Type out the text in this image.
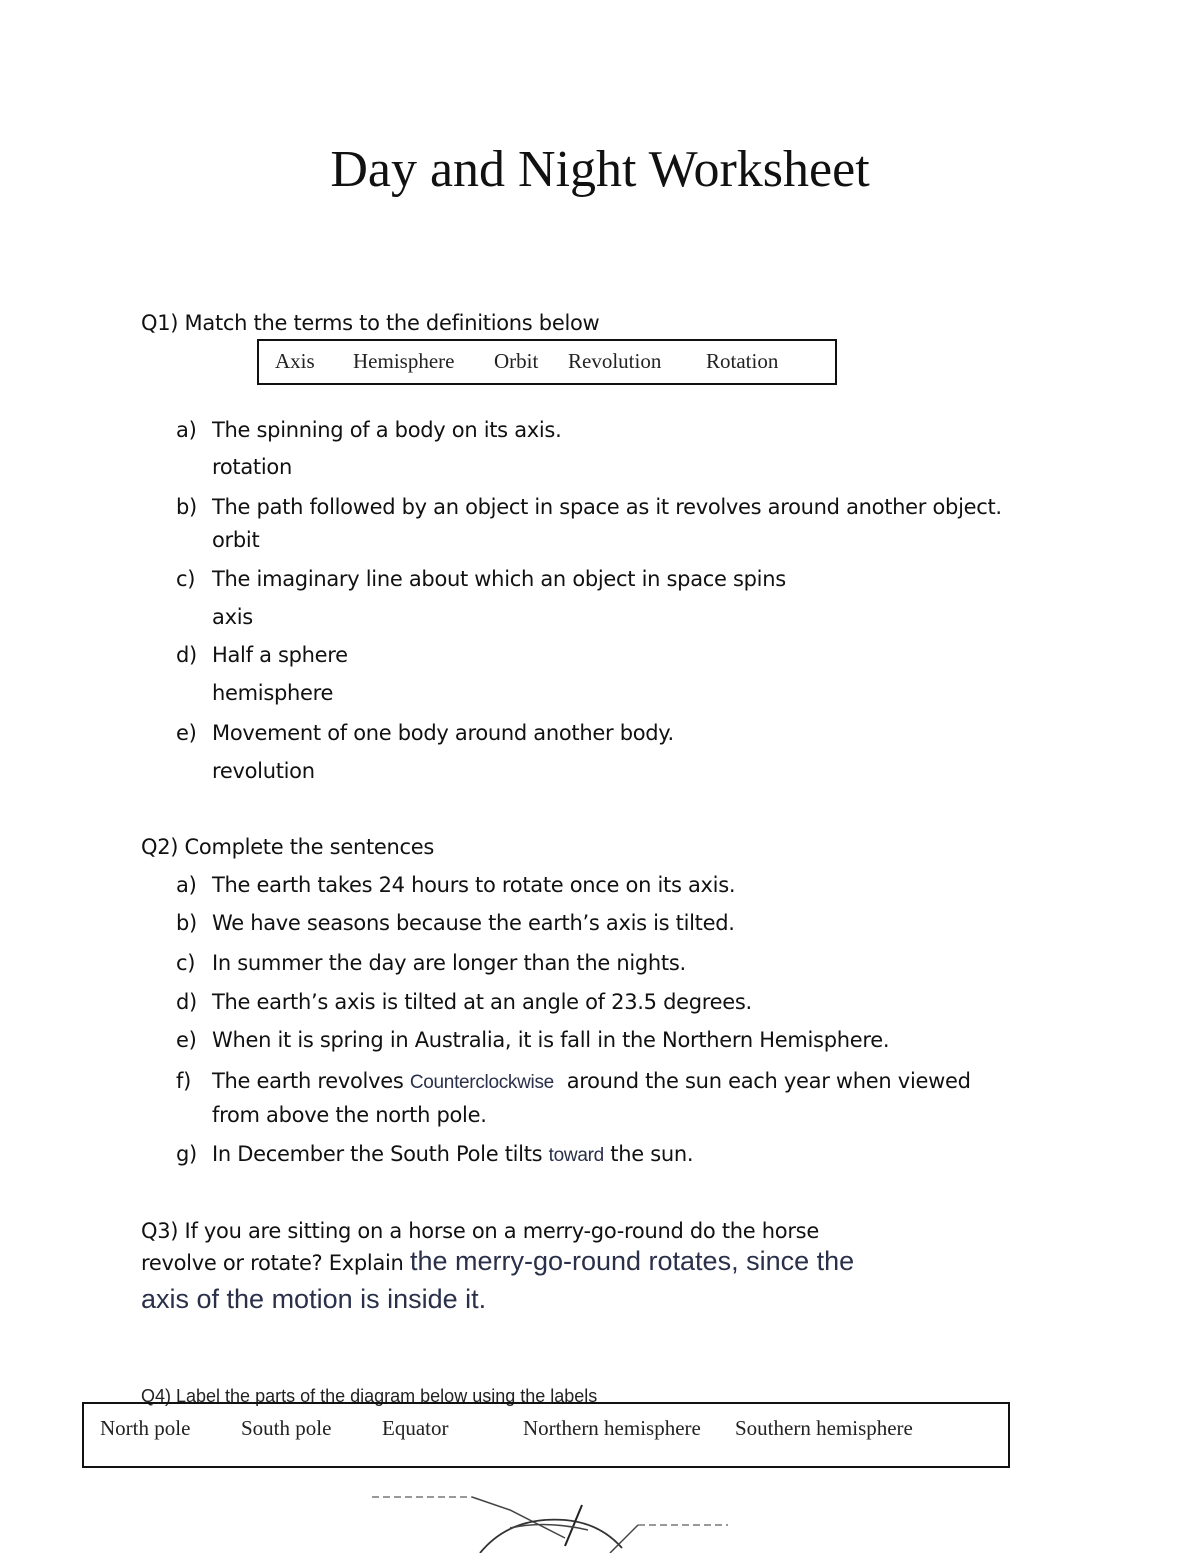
Day and Night Worksheet
Q1) Match the terms to the definitions below
Axis Hemisphere Orbit Revolution Rotation
a) The spinning of a body on its axis.
rotation
b) The path followed by an object in space as it revolves around another object.
orbit
c) The imaginary line about which an object in space spins
axis
d) Half a sphere
hemisphere
e) Movement of one body around another body.
revolution
Q2) Complete the sentences
a) The earth takes 24 hours to rotate once on its axis.
b) We have seasons because the earth’s axis is tilted.
c) In summer the day are longer than the nights.
d) The earth’s axis is tilted at an angle of 23.5 degrees.
e) When it is spring in Australia, it is fall in the Northern Hemisphere.
f)	The earth revolves Counterclockwise  around the sun each year when viewed
from above the north pole.
g) In December the South Pole tilts toward the sun.
Q3) If you are sitting on a horse on a merry-go-round do the horse
revolve or rotate? Explain the merry-go-round rotates, since the
axis of the motion is inside it.
Q4) Label the parts of the diagram below using the labels
North pole South pole Equator	Northern hemisphere Southern hemisphere
